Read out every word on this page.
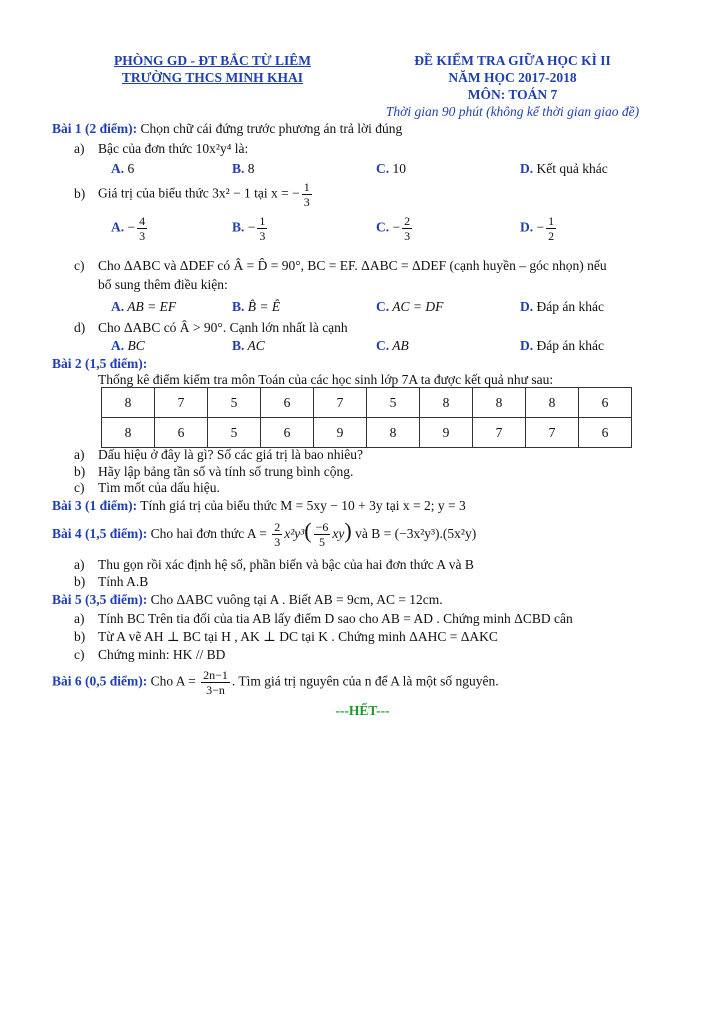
PHÒNG GD - ĐT BẮC TỪ LIÊM
TRƯỜNG THCS MINH KHAI
ĐỀ KIỂM TRA GIỮA HỌC KÌ II
NĂM HỌC 2017-2018
MÔN: TOÁN 7
Thời gian 90 phút (không kể thời gian giao đề)
Bài 1 (2 điểm): Chọn chữ cái đứng trước phương án trả lời đúng
a) Bậc của đơn thức 10x²y⁴ là:
A. 6	B. 8	C. 10	D. Kết quả khác
b) Giá trị của biểu thức 3x² − 1 tại x = − $\frac{1}{3}$
A. − $\frac{4}{3}$	B. − $\frac{1}{3}$	C. − $\frac{2}{3}$	D. − $\frac{1}{2}$
c) Cho ΔABC và ΔDEF có Â = D̂ = 90°, BC = EF. ΔABC = ΔDEF (cạnh huyền – góc nhọn) nếu
bổ sung thêm điều kiện:
A. AB = EF	B. B̂ = Ê	C. AC = DF	D. Đáp án khác
d) Cho ΔABC có Â > 90°. Cạnh lớn nhất là cạnh
A. BC	B. AC	C. AB	D. Đáp án khác
Bài 2 (1,5 điểm):
Thống kê điểm kiểm tra môn Toán của các học sinh lớp 7A ta được kết quả như sau:
8	7	5	6	7	5	8	8	8	6
8	6	5	6	9	8	9	7	7	6
a) Dấu hiệu ở đây là gì? Số các giá trị là bao nhiêu?
b) Hãy lập bảng tần số và tính số trung bình cộng.
c) Tìm mốt của dấu hiệu.
Bài 3 (1 điểm): Tính giá trị của biểu thức M = 5xy − 10 + 3y tại x = 2; y = 3
Bài 4 (1,5 điểm): Cho hai đơn thức $A = \frac{2}{3} x^2y^3( \frac{-6}{5} xy)$ và B = (−3x²y³).(5x²y)
a) Thu gọn rồi xác định hệ số, phần biến và bậc của hai đơn thức A và B
b) Tính A.B
Bài 5 (3,5 điểm): Cho ΔABC vuông tại A . Biết AB = 9cm, AC = 12cm.
a) Tính BC Trên tia đối của tia AB lấy điểm D sao cho AB = AD . Chứng minh ΔCBD cân
b) Từ A vẽ AH ⊥ BC tại H , AK ⊥ DC tại K . Chứng minh ΔAHC = ΔAKC
c) Chứng minh: HK // BD
Bài 6 (0,5 điểm): Cho $A = \frac{2n-1}{3-n}$ . Tìm giá trị nguyên của n để A là một số nguyên.
---HẾT---
